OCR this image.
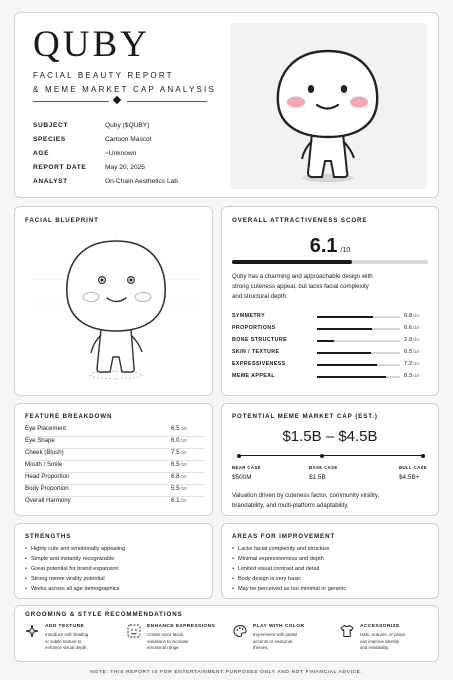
QUBY
FACIAL BEAUTY REPORT
& MEME MARKET CAP ANALYSIS
SUBJECT	Quby ($QUBY)
SPECIES	Cartoon Mascot
AGE	~Unknown
REPORT DATE	May 20, 2025
ANALYST	On-Chain Aesthetics Lab
FACIAL BLUEPRINT	OVERALL ATTRACTIVENESS SCORE
6.1 /10
Quby has a charming and approachable design with
strong cuteness appeal, but lacks facial complexity
and structural depth.
SYMMETRY	6.8/10
PROPORTIONS	6.6/10
BONE STRUCTURE	2.0/10
SKIN / TEXTURE	6.5/10
EXPRESSIVENESS	7.2/10
MEME APPEAL	8.3/10
FEATURE BREAKDOWN
Eye Placement	6.5/10
Eye Shape	6.0/10
Cheek (Blush)	7.5/10
Mouth / Smile	6.5/10
Head Proportion	6.8/10
Body Proportion	5.5/10
Overall Harmony	6.1/10
POTENTIAL MEME MARKET CAP (EST.)
$1.5B – $4.5B
BEAR CASE	BASE CASE	BULL CASE
$500M	$1.5B	$4.5B+
Valuation driven by cuteness factor, community virality,
brandability, and multi-platform adaptability.
STRENGTHS
• Highly cute and emotionally appealing
• Simple and instantly recognizable
• Great potential for brand expansion
• Strong meme virality potential
• Works across all age demographics
AREAS FOR IMPROVEMENT
• Lacks facial complexity and structure
• Minimal expressiveness and depth
• Limited visual contrast and detail
• Body design is very basic
• May be perceived as too minimal or generic
GROOMING & STYLE RECOMMENDATIONS
ADD TEXTURE
Introduce soft shading
or subtle texture to
enhance visual depth.
ENHANCE EXPRESSIONS
Create more facial
variations to increase
emotional range.
PLAY WITH COLOR
Experiment with pastel
accents or seasonal
themes.
ACCESSORIZE
Hats, scarves, or props
can improve identity
and relatability.
NOTE: THIS REPORT IS FOR ENTERTAINMENT PURPOSES ONLY AND NOT FINANCIAL ADVICE.
